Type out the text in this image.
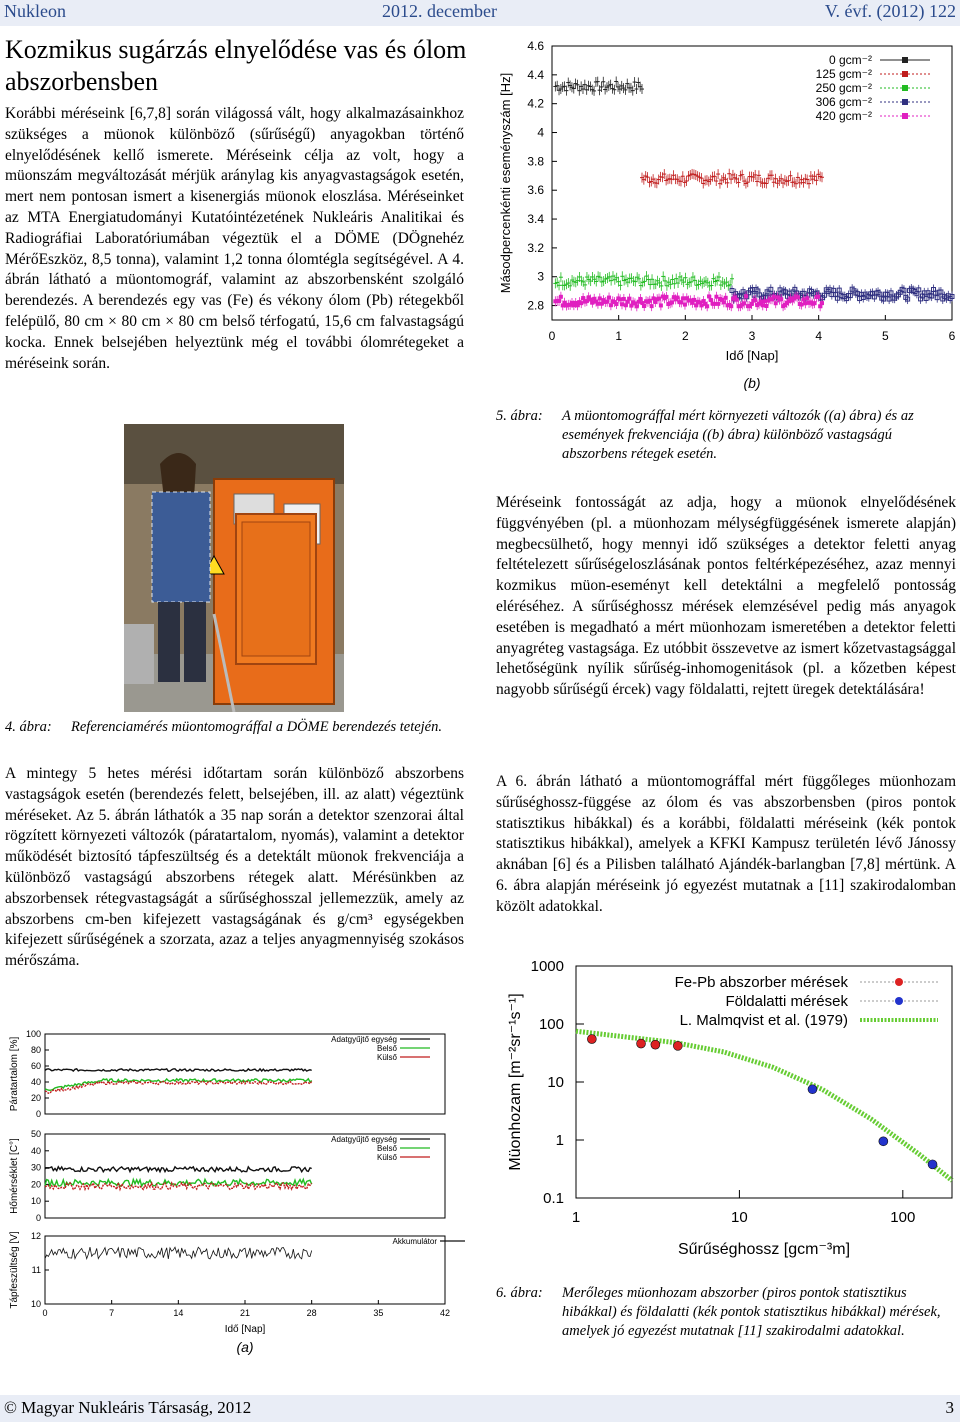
Nukleon	2012. december	V. évf. (2012) 122
Kozmikus sugárzás elnyelődése vas és ólom abszorbensben

Korábbi méréseink [6,7,8] során világossá vált, hogy alkalmazásainkhoz szükséges a müonok különböző (sűrűségű) anyagokban történő elnyelődésének kellő ismerete. Méréseink célja az volt, hogy a müonszám megváltozását mérjük aránylag kis anyagvastagságok esetén, mert nem pontosan ismert a kisenergiás müonok eloszlása. Méréseinket az MTA Energiatudományi Kutatóintézetének Nukleáris Analitikai és Radiográfiai Laboratóriumában végeztük el a DÖME (DÖgnehéz MérőEszköz, 8,5 tonna), valamint 1,2 tonna ólomtégla segítségével. A 4. ábrán látható a müontomográf, valamint az abszorbensként szolgáló berendezés. A berendezés egy vas (Fe) és vékony ólom (Pb) rétegekből felépülő, 80 cm × 80 cm × 80 cm belső térfogatú, 15,6 cm falvastagságú kocka. Ennek belsejében helyeztünk még el további ólomrétegeket a méréseink során.

4. ábra: Referenciamérés müontomográffal a DÖME berendezés tetején.

A mintegy 5 hetes mérési időtartam során különböző abszorbens vastagságok esetén (berendezés felett, belsejében, ill. az alatt) végeztünk méréseket. Az 5. ábrán láthatók a 35 nap során a detektor szenzorai által rögzített környezeti változók (páratartalom, nyomás), valamint a detektor működését biztosító tápfeszültség és a detektált müonok frekvenciája a különböző vastagságú abszorbens rétegek alatt. Mérésünkben az abszorbensek rétegvastagságát a sűrűséghosszal jellemezzük, amely az abszorbens cm-ben kifejezett vastagságának és g/cm³ egységekben kifejezett sűrűségének a szorzata, azaz a teljes anyagmennyiség szokásos mérőszáma.

100
80
60
40
20
0
Páratartalom [%]	Adatgyűjtő egység
Belső
Külső
50
40
30
20
10
0
Hőmérséklet [C°]	Adatgyűjtő egység
Belső
Külső
12
11
10
Tápfeszültség [V]	Akkumulátor
0	7	14	21	28	35	42
Idő [Nap]
(a)
4.6
4.4
4.2
4
3.8
3.6
3.4
3.2
3
2.8
0	1	2	3	4	5	6
Idő [Nap]
Másodpercenkénti eseményszám [Hz]
0 gcm⁻²
125 gcm⁻²
250 gcm⁻²
306 gcm⁻²
420 gcm⁻²
(b)
5. ábra: A müontomográffal mért környezeti változók ((a) ábra) és az események frekvenciája ((b) ábra) különböző vastagságú abszorbens rétegek esetén.

Méréseink fontosságát az adja, hogy a müonok elnyelődésének függvényében (pl. a müonhozam mélységfüggésének ismerete alapján) megbecsülhető, hogy mennyi idő szükséges a detektor feletti anyag feltételezett sűrűségeloszlásának pontos feltérképezéséhez, azaz mennyi kozmikus müon-eseményt kell detektálni a megfelelő pontosság eléréséhez. A sűrűséghossz mérések elemzésével pedig más anyagok esetében is megadható a mért müonhozam ismeretében a detektor feletti anyagréteg vastagsága. Ez utóbbit összevetve az ismert kőzetvastagsággal lehetőségünk nyílik sűrűség-inhomogenitások (pl. a kőzetben képest nagyobb sűrűségű ércek) vagy földalatti, rejtett üregek detektálására!

A 6. ábrán látható a müontomográffal mért függőleges müonhozam sűrűséghossz-függése az ólom és vas abszorbensben (piros pontok statisztikus hibákkal) és a korábbi, földalatti méréseink (kék pontok statisztikus hibákkal), amelyek a KFKI Kampusz területén lévő Jánossy aknában [6] és a Pilisben található Ajándék-barlangban [7,8] mértünk. A 6. ábra alapján méréseink jó egyezést mutatnak a [11] szakirodalomban közölt adatokkal.

1000
100
10
1
0.1
1	10	100
Sűrűséghossz [gcm⁻³m]
Müonhozam [m⁻²sr⁻¹s⁻¹]
Fe-Pb abszorber mérések
Földalatti mérések
L. Malmqvist et al. (1979)
6. ábra: Merőleges müonhozam abszorber (piros pontok statisztikus hibákkal) és földalatti (kék pontok statisztikus hibákkal) mérések, amelyek jó egyezést mutatnak [11] szakirodalmi adatokkal.
© Magyar Nukleáris Társaság, 2012	3
